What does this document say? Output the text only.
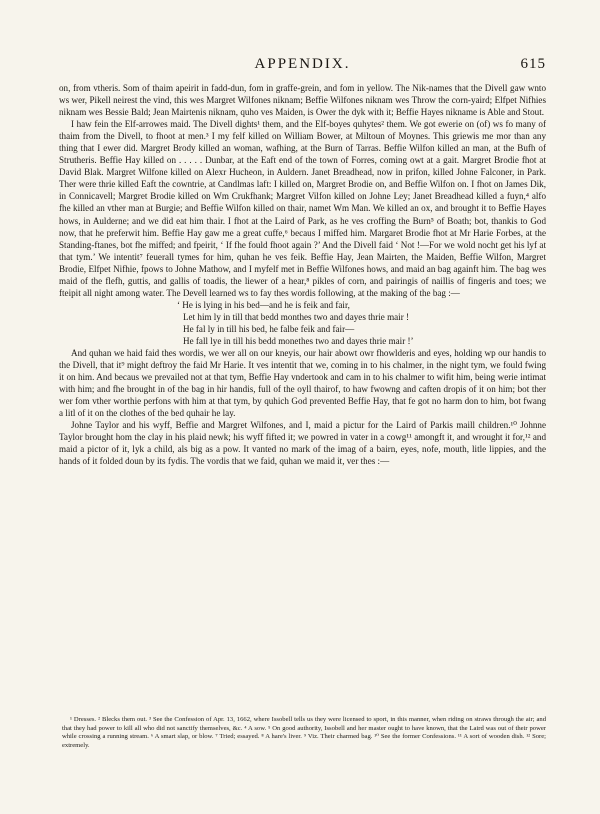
APPENDIX.	615

on, from vtheris. Som of thaim apeirit in fadd-dun, fom in graffe-grein, and fom in yellow. The Nik-names that the Divell gaw wnto ws wer, Pikell neirest the vind, this wes Margret Wilfones niknam; Beffie Wilfones niknam wes Throw the corn-yaird; Elfpet Nifhies niknam wes Bessie Bald; Jean Mairtenis niknam, quho ves Maiden, is Ower the dyk with it; Beffie Hayes nikname is Able and Stout.

I haw fein the Elf-arrowes maid. The Divell dights¹ them, and the Elf-boyes quhytes² them. We got ewerie on (of) ws fo many of thaim from the Divell, to fhoot at men.³ I my felf killed on William Bower, at Miltoun of Moynes. This griewis me mor than any thing that I ewer did. Margret Brody killed an woman, wafhing, at the Burn of Tarras. Beffie Wilfon killed an man, at the Bufh of Strutheris. Beffie Hay killed on . . . . . Dunbar, at the Eaft end of the town of Forres, coming owt at a gait. Margret Brodie fhot at David Blak. Margret Wilfone killed on Alexr Hucheon, in Auldern. Janet Breadhead, now in prifon, killed Johne Falconer, in Park. Ther were thrie killed Eaft the cowntrie, at Candlmas laft: I killed on, Margret Brodie on, and Beffie Wilfon on. I fhot on James Dik, in Connicavell; Margret Brodie killed on Wm Crukfhank; Margret Vilfon killed on Johne Ley; Janet Breadhead killed a fuyn,⁴ alfo fhe killed an vther man at Burgie; and Beffie Wilfon killed on thair, namet Wm Man. We killed an ox, and brought it to Beffie Hayes hows, in Aulderne; and we did eat him thair. I fhot at the Laird of Park, as he ves croffing the Burn⁵ of Boath; bot, thankis to God now, that he preferwit him. Beffie Hay gaw me a great cuffe,⁶ becaus I miffed him. Margaret Brodie fhot at Mr Harie Forbes, at the Standing-ftanes, bot fhe miffed; and fpeirit, ‘ If fhe fould fhoot again ?’ And the Divell faid ‘ Not !—For we wold nocht get his lyf at that tym.’ We intentit⁷ feuerall tymes for him, quhan he ves feik. Beffie Hay, Jean Mairten, the Maiden, Beffie Wilfon, Margret Brodie, Elfpet Nifhie, fpows to Johne Mathow, and I myfelf met in Beffie Wilfones hows, and maid an bag againft him. The bag wes maid of the flefh, guttis, and gallis of toadis, the liewer of a hear,⁸ pikles of corn, and pairingis of naillis of fingeris and toes; we fteipit all night among water. The Devell learned ws to fay thes wordis following, at the making of the bag :—

‘ He is lying in his bed—and he is feik and fair,
Let him ly in till that bedd monthes two and dayes thrie mair !
He fal ly in till his bed, he falbe feik and fair—
He fall lye in till his bedd monethes two and dayes thrie mair !’

And quhan we haid faid thes wordis, we wer all on our kneyis, our hair abowt owr fhowlderis and eyes, holding wp our handis to the Divell, that it⁹ might deftroy the faid Mr Harie. It ves intentit that we, coming in to his chalmer, in the night tym, we fould fwing it on him. And becaus we prevailed not at that tym, Beffie Hay vndertook and cam in to his chalmer to wifit him, being werie intimat with him; and fhe brought in of the bag in hir handis, full of the oyll thairof, to haw fwowng and caften dropis of it on him; bot ther wer fom vther worthie perfons with him at that tym, by quhich God prevented Beffie Hay, that fe got no harm don to him, bot fwang a litl of it on the clothes of the bed quhair he lay.

Johne Taylor and his wyff, Beffie and Margret Wilfones, and I, maid a pictur for the Laird of Parkis maill children.¹⁰ Johnne Taylor brought hom the clay in his plaid newk; his wyff fifted it; we powred in vater in a cowg¹¹ amongft it, and wrought it for,¹² and maid a pictor of it, lyk a child, als big as a pow. It vanted no mark of the imag of a bairn, eyes, nofe, mouth, litle lippies, and the hands of it folded doun by its fydis. The vordis that we faid, quhan we maid it, ver thes :—

¹ Dresses. ² Blecks them out. ³ See the Confession of Apr. 13, 1662, where Issobell tells us they were licensed to sport, in this manner, when riding on straws through the air; and that they had power to kill all who did not sanctify themselves, &c. ⁴ A sow. ⁵ On good authority, Issobell and her master ought to have known, that the Laird was out of their power while crossing a running stream. ⁶ A smart slap, or blow. ⁷ Tried; essayed. ⁸ A hare's liver. ⁹ Viz. Their charmed bag. ¹⁰ See the former Confessions. ¹¹ A sort of wooden dish. ¹² Sore; extremely.
